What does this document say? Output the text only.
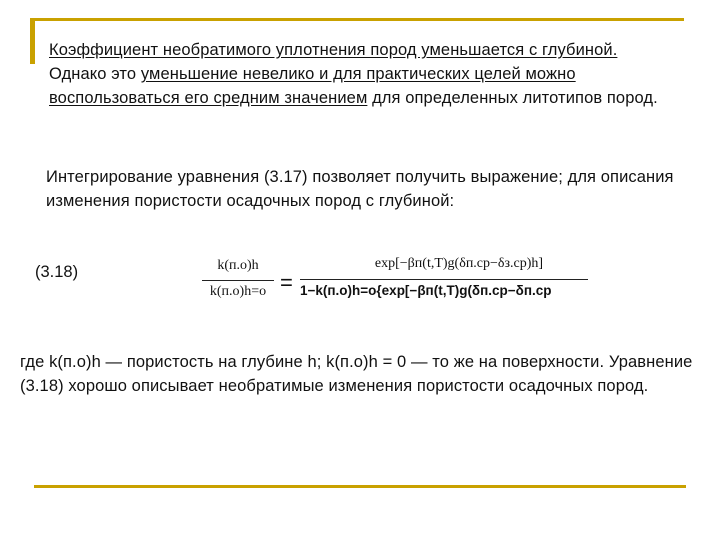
Коэффициент необратимого уплотнения пород уменьшается с глубиной.
Однако это уменьшение невелико и для практических целей можно воспользоваться его средним значением для определенных литотипов пород.
Интегрирование уравнения (3.17) позволяет получить выражение; для описания изменения пористости осадочных пород с глубиной:
(3.18)	k(п.о)h
k(п.о)h=o =
exp[−βп(t,T)g(δп.ср−δз.ср)h]
1−k(п.о)h=o{exp[−βп(t,T)g(δп.ср−δп.ср
где k(п.о)h — пористость на глубине h; k(п.о)h = 0 — то же на поверхности. Уравнение (3.18) хорошо описывает необратимые изменения пористости осадочных пород.
